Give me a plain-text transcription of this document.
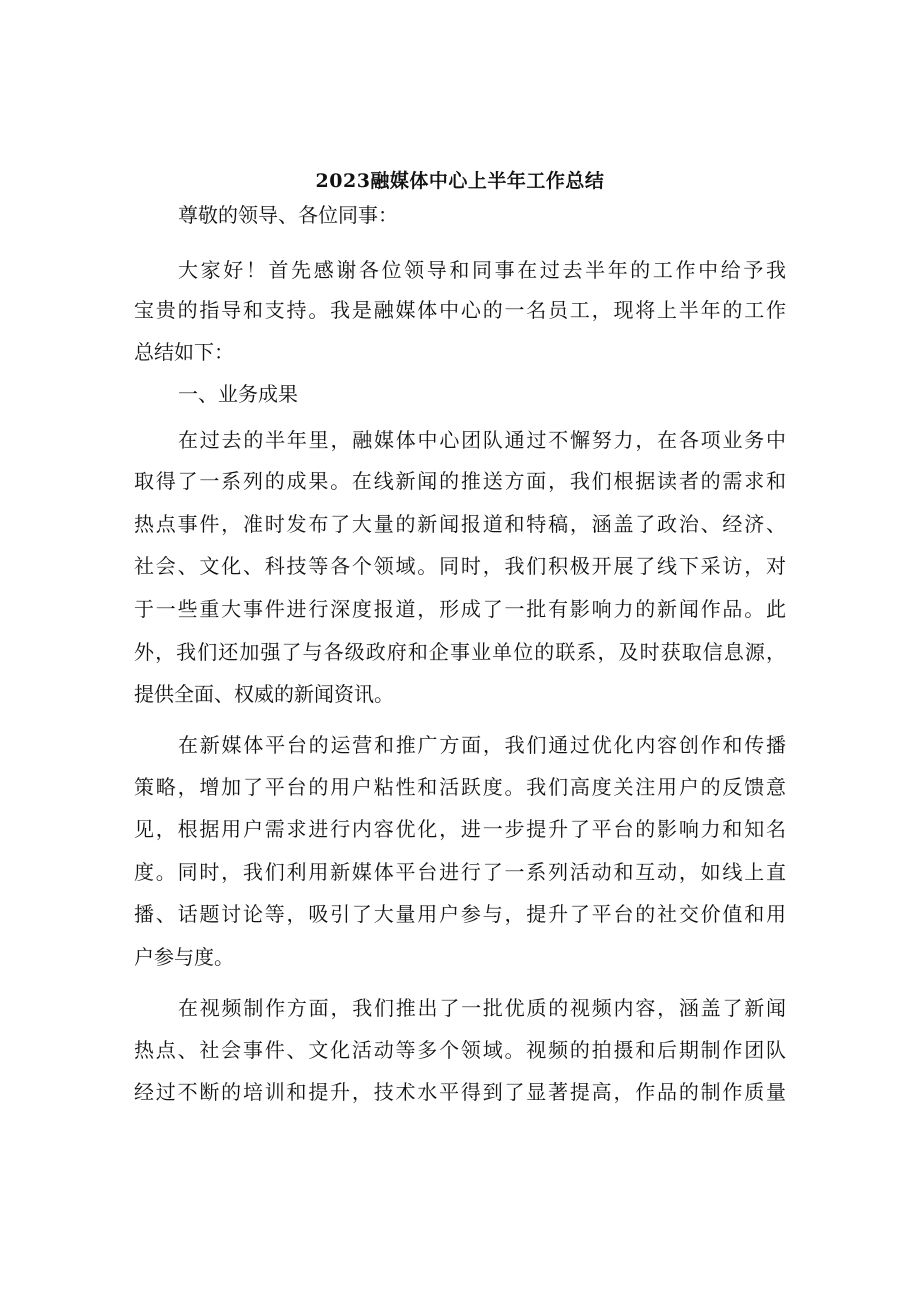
2023融媒体中心上半年工作总结

尊敬的领导、各位同事：

大家好！首先感谢各位领导和同事在过去半年的工作中给予我

宝贵的指导和支持。我是融媒体中心的一名员工，现将上半年的工作

总结如下：

一、业务成果

在过去的半年里，融媒体中心团队通过不懈努力，在各项业务中

取得了一系列的成果。在线新闻的推送方面，我们根据读者的需求和

热点事件，准时发布了大量的新闻报道和特稿，涵盖了政治、经济、

社会、文化、科技等各个领域。同时，我们积极开展了线下采访，对

于一些重大事件进行深度报道，形成了一批有影响力的新闻作品。此

外，我们还加强了与各级政府和企事业单位的联系，及时获取信息源，

提供全面、权威的新闻资讯。

在新媒体平台的运营和推广方面，我们通过优化内容创作和传播

策略，增加了平台的用户粘性和活跃度。我们高度关注用户的反馈意

见，根据用户需求进行内容优化，进一步提升了平台的影响力和知名

度。同时，我们利用新媒体平台进行了一系列活动和互动，如线上直

播、话题讨论等，吸引了大量用户参与，提升了平台的社交价值和用

户参与度。

在视频制作方面，我们推出了一批优质的视频内容，涵盖了新闻

热点、社会事件、文化活动等多个领域。视频的拍摄和后期制作团队

经过不断的培训和提升，技术水平得到了显著提高，作品的制作质量
